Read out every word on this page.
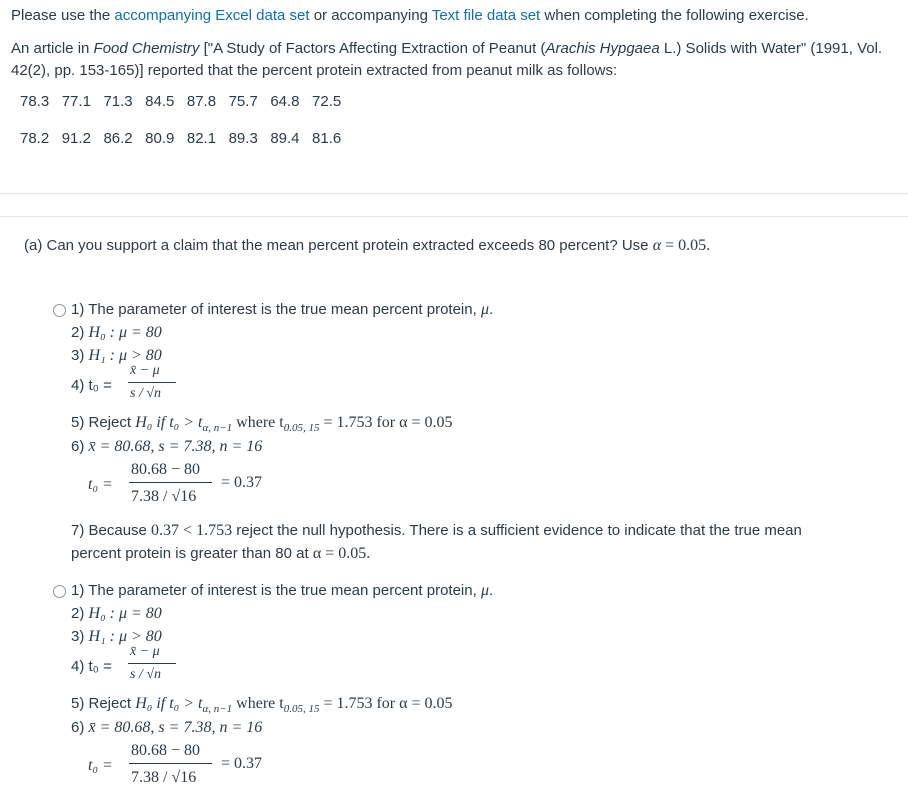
Please use the accompanying Excel data set or accompanying Text file data set when completing the following exercise.
An article in Food Chemistry ["A Study of Factors Affecting Extraction of Peanut (Arachis Hypgaea L.) Solids with Water" (1991, Vol.
42(2), pp. 153-165)] reported that the percent protein extracted from peanut milk as follows:
78.3 77.1 71.3 84.5 87.8 75.7 64.8 72.5
78.2 91.2 86.2 80.9 82.1 89.3 89.4 81.6
(a) Can you support a claim that the mean percent protein extracted exceeds 80 percent? Use α = 0.05.
1) The parameter of interest is the true mean percent protein, μ.
2) H₀ : μ = 80
3) H₁ : μ > 80
4) t₀ =
x̄ − μ
s / √n
5) Reject H₀ if $t_0 > t_{\alpha, n-1}$ where $t_{0.05, 15} = 1.753$ for α = 0.05
6) x̄ = 80.68, s = 7.38, n = 16
t₀ =
80.68 − 80
7.38 / √16
= 0.37
7) Because 0.37 < 1.753 reject the null hypothesis. There is a sufficient evidence to indicate that the true mean
percent protein is greater than 80 at α = 0.05.
1) The parameter of interest is the true mean percent protein, μ.
2) H₀ : μ = 80
3) H₁ : μ > 80
4) t₀ =
x̄ − μ
s / √n
5) Reject H₀ if $t_0 > t_{\alpha, n-1}$ where $t_{0.05, 15} = 1.753$ for α = 0.05
6) x̄ = 80.68, s = 7.38, n = 16
t₀ =
80.68 − 80
7.38 / √16
= 0.37
